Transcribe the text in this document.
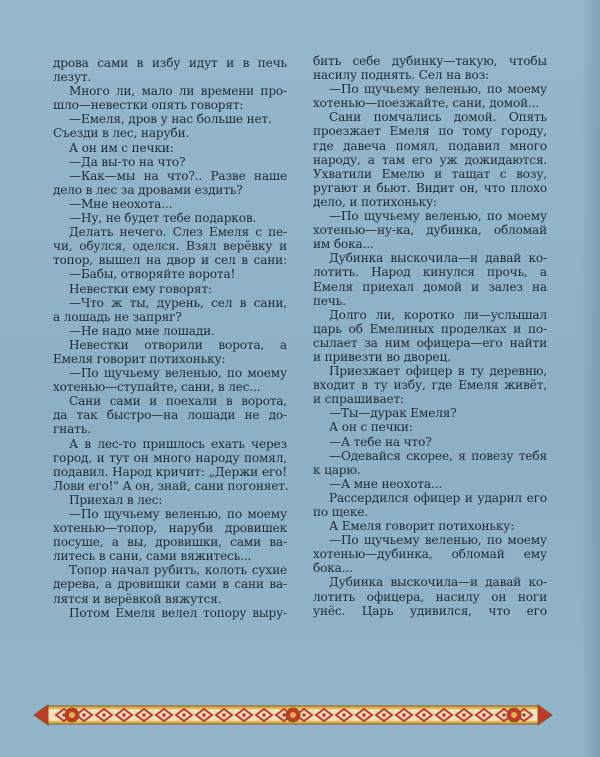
дрова сами в избу идут и в печь
лезут.
Много ли, мало ли времени про-
шло—невестки опять говорят:
—Емеля, дров у нас больше нет.
Съезди в лес, наруби.
А он им с печки:
—Да вы-то на что?
—Как—мы на что?.. Разве наше
дело в лес за дровами ездить?
—Мне неохота...
—Ну, не будет тебе подарков.
Делать нечего. Слез Емеля с пе-
чи, обулся, оделся. Взял верёвку и
топор, вышел на двор и сел в сани:
—Бабы, отворяйте ворота!
Невестки ему говорят:
—Что ж ты, дурень, сел в сани,
а лошадь не запряг?
—Не надо мне лошади.
Невестки отворили ворота, а
Емеля говорит потихоньку:
—По щучьему веленью, по моему
хотенью—ступайте, сани, в лес...
Сани сами и поехали в ворота,
да так быстро—на лошади не до-
гнать.
А в лес-то пришлось ехать через
город, и тут он много народу помял,
подавил. Народ кричит: „Держи его!
Лови его!" А он, знай, сани погоняет.
Приехал в лес:
—По щучьему веленью, по моему
хотенью—топор, наруби дровишек
посуше, а вы, дровишки, сами ва-
литесь в сани, сами вяжитесь...
Топор начал рубить, колоть сухие
дерева, а дровишки сами в сани ва-
лятся и верёвкой вяжутся.
Потом Емеля велел топору выру-
бить себе дубинку—такую, чтобы
насилу поднять. Сел на воз:
—По щучьему веленью, по моему
хотенью—поезжайте, сани, домой...
Сани помчались домой. Опять
проезжает Емеля по тому городу,
где давеча помял, подавил много
народу, а там его уж дожидаются.
Ухватили Емелю и тащат с возу,
ругают и бьют. Видит он, что плохо
дело, и потихоньку:
—По щучьему веленью, по моему
хотенью—ну-ка, дубинка, обломай
им бока...
Дубинка выскочила—и давай ко-
лотить. Народ кинулся прочь, а
Емеля приехал домой и залез на
печь.
Долго ли, коротко ли—услышал
царь об Емелиных проделках и по-
сылает за ним офицера—его найти
и привезти во дворец.
Приезжает офицер в ту деревню,
входит в ту избу, где Емеля живёт,
и спрашивает:
—Ты—дурак Емеля?
А он с печки:
—А тебе на что?
—Одевайся скорее, я повезу тебя
к царю.
—А мне неохота...
Рассердился офицер и ударил его
по щеке.
А Емеля говорит потихоньку:
—По щучьему веленью, по моему
хотенью—дубинка, обломай ему
бока...
Дубинка выскочила—и давай ко-
лотить офицера, насилу он ноги
унёс. Царь удивился, что его
